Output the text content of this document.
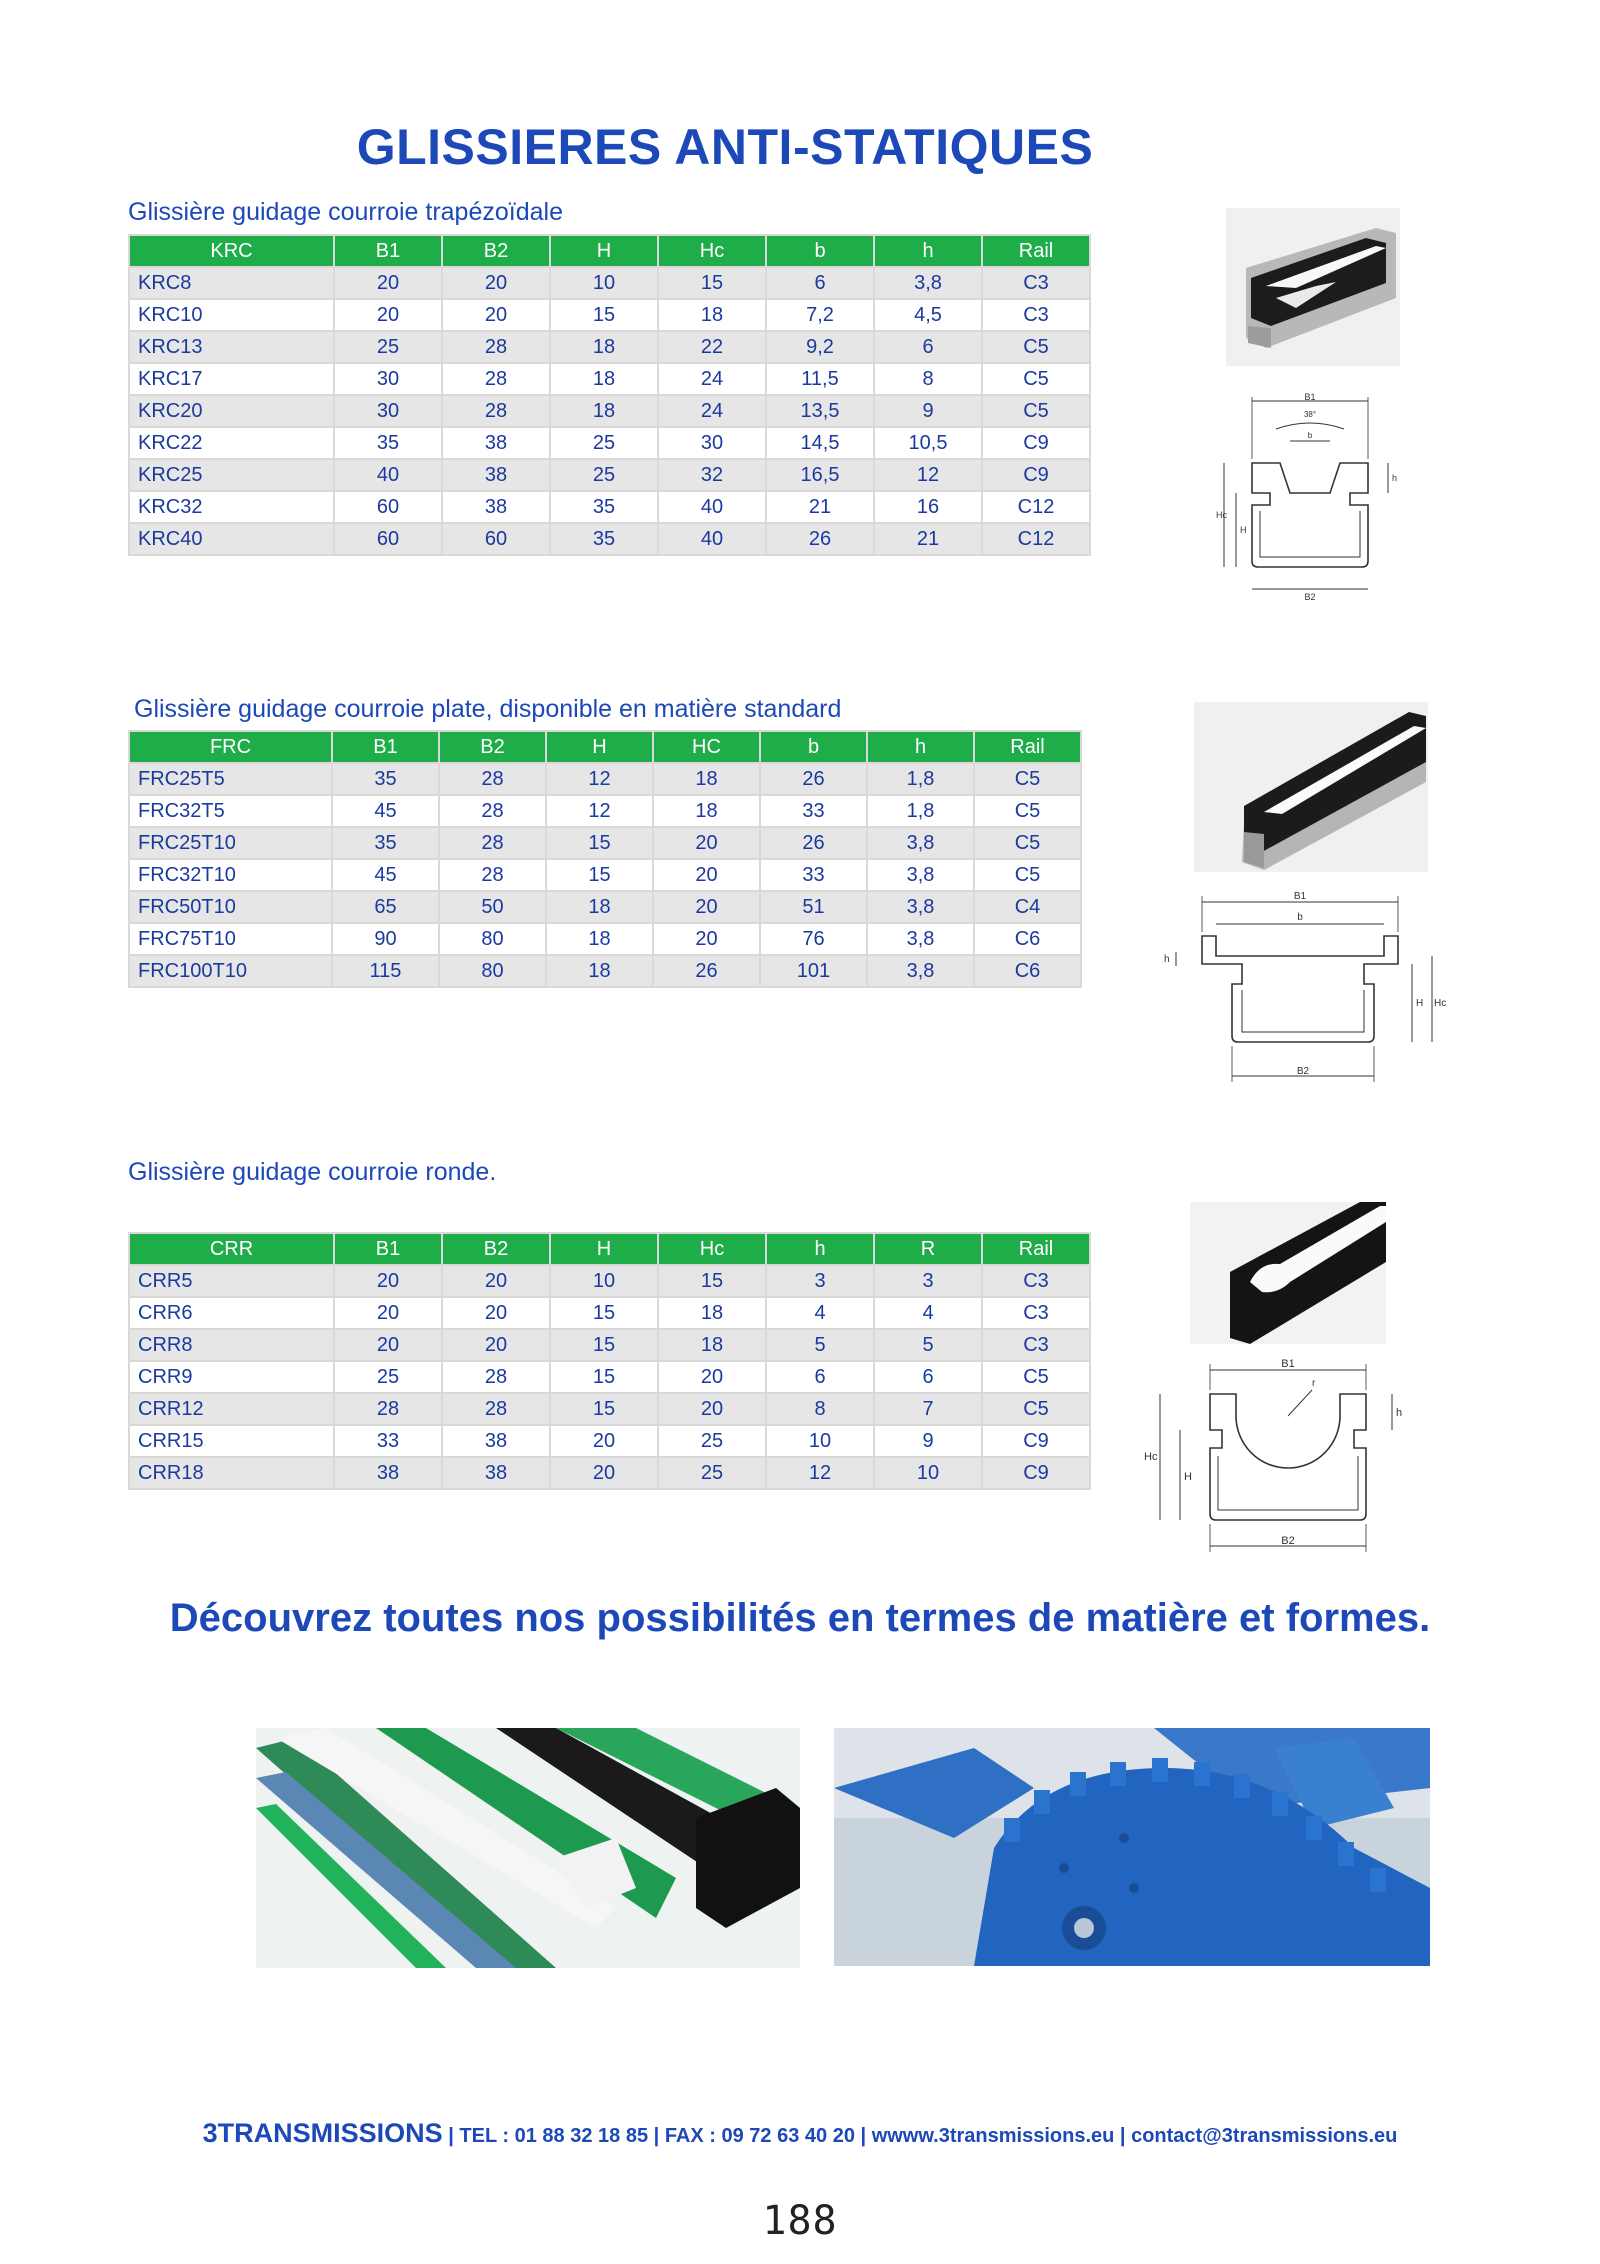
GLISSIERES ANTI-STATIQUES
Glissière guidage courroie trapézoïdale
KRC	B1	B2	H	Hc	b	h	Rail
KRC8	20	20	10	15	6	3,8	C3
KRC10	20	20	15	18	7,2	4,5	C3
KRC13	25	28	18	22	9,2	6	C5
KRC17	30	28	18	24	11,5	8	C5
KRC20	30	28	18	24	13,5	9	C5
KRC22	35	38	25	30	14,5	10,5	C9
KRC25	40	38	25	32	16,5	12	C9
KRC32	60	38	35	40	21	16	C12
KRC40	60	60	35	40	26	21	C12
B1
38°
b
B2
Hc
H
h
Glissière guidage courroie plate, disponible en matière standard
FRC	B1	B2	H	HC	b	h	Rail
FRC25T5	35	28	12	18	26	1,8	C5
FRC32T5	45	28	12	18	33	1,8	C5
FRC25T10	35	28	15	20	26	3,8	C5
FRC32T10	45	28	15	20	33	3,8	C5
FRC50T10	65	50	18	20	51	3,8	C4
FRC75T10	90	80	18	20	76	3,8	C6
FRC100T10	115	80	18	26	101	3,8	C6
B1
b
B2
H Hc
h
Glissière guidage courroie ronde.
CRR	B1	B2	H	Hc	h	R	Rail
CRR5	20	20	10	15	3	3	C3
CRR6	20	20	15	18	4	4	C3
CRR8	20	20	15	18	5	5	C3
CRR9	25	28	15	20	6	6	C5
CRR12	28	28	15	20	8	7	C5
CRR15	33	38	20	25	10	9	C9
CRR18	38	38	20	25	12	10	C9
B1
r
B2
Hc
H
h
Découvrez toutes nos possibilités en termes de matière et formes.
3TRANSMISSIONS | TEL : 01 88 32 18 85 | FAX : 09 72 63 40 20 | wwww.3transmissions.eu | contact@3transmissions.eu
188
